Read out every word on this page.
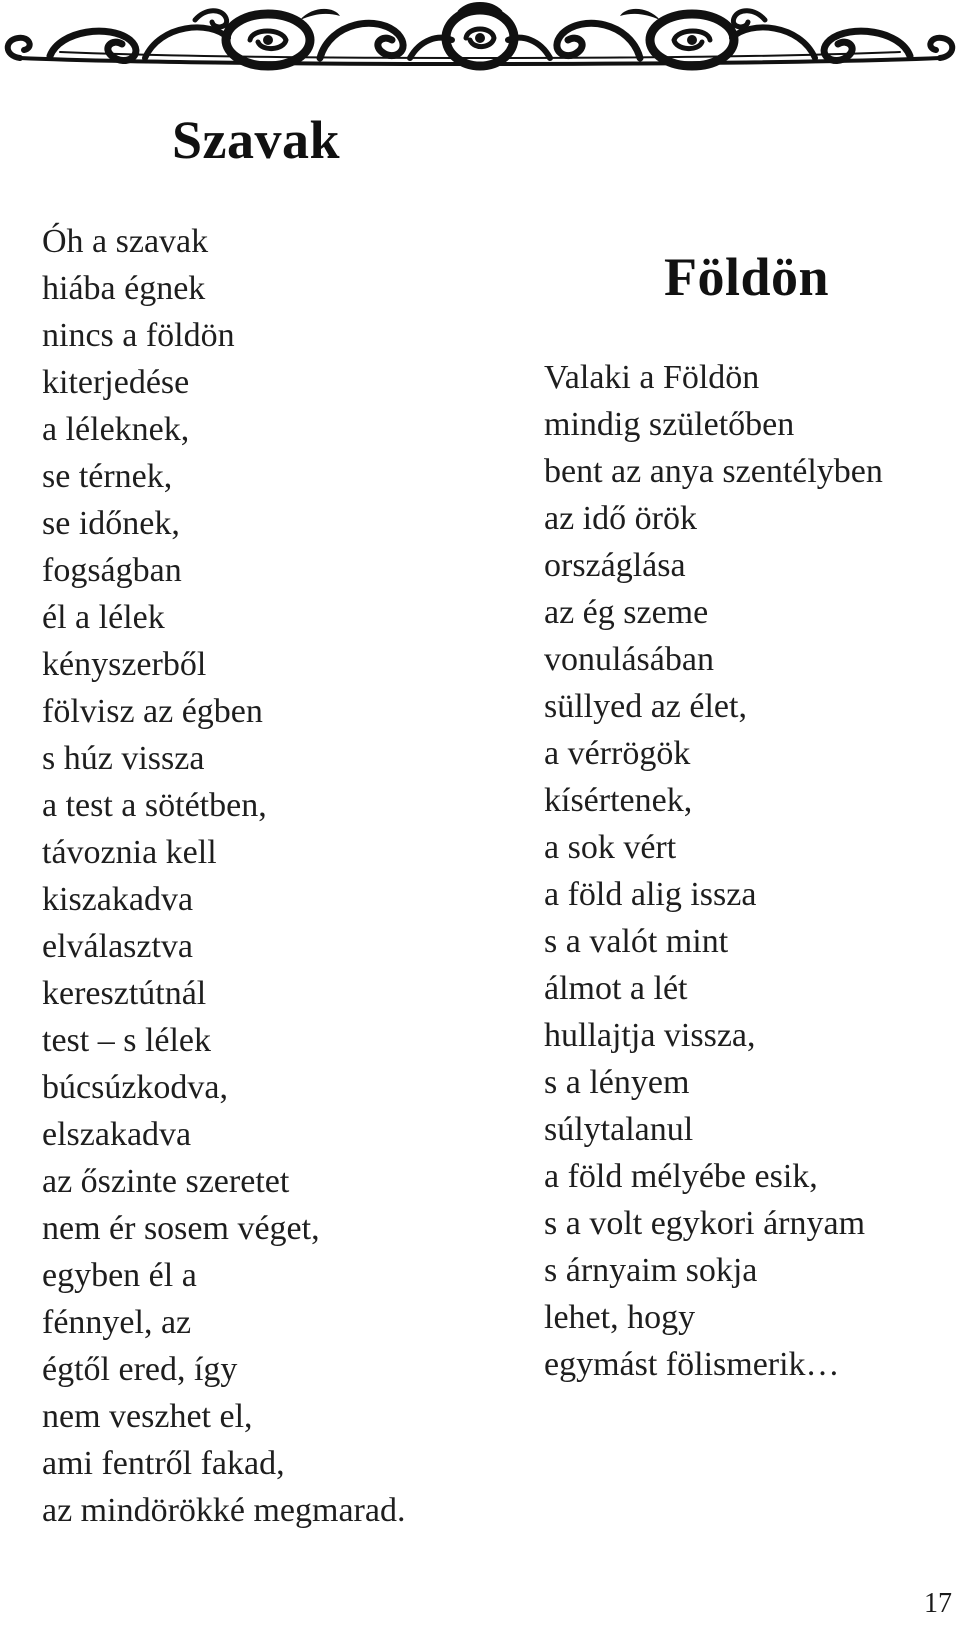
Szavak
Óh a szavak
hiába égnek
nincs a földön
kiterjedése
a léleknek,
se térnek,
se időnek,
fogságban
él a lélek
kényszerből
fölvisz az égben
s húz vissza
a test a sötétben,
távoznia kell
kiszakadva
elválasztva
keresztútnál
test – s lélek
búcsúzkodva,
elszakadva
az őszinte szeretet
nem ér sosem véget,
egyben él a
fénnyel, az
égtől ered, így
nem veszhet el,
ami fentről fakad,
az mindörökké megmarad.
Földön
Valaki a Földön
mindig születőben
bent az anya szentélyben
az idő örök
országlása
az ég szeme
vonulásában
süllyed az élet,
a vérrögök
kísértenek,
a sok vért
a föld alig issza
s a valót mint
álmot a lét
hullajtja vissza,
s a lényem
súlytalanul
a föld mélyébe esik,
s a volt egykori árnyam
s árnyaim sokja
lehet, hogy
egymást fölismerik…
17
